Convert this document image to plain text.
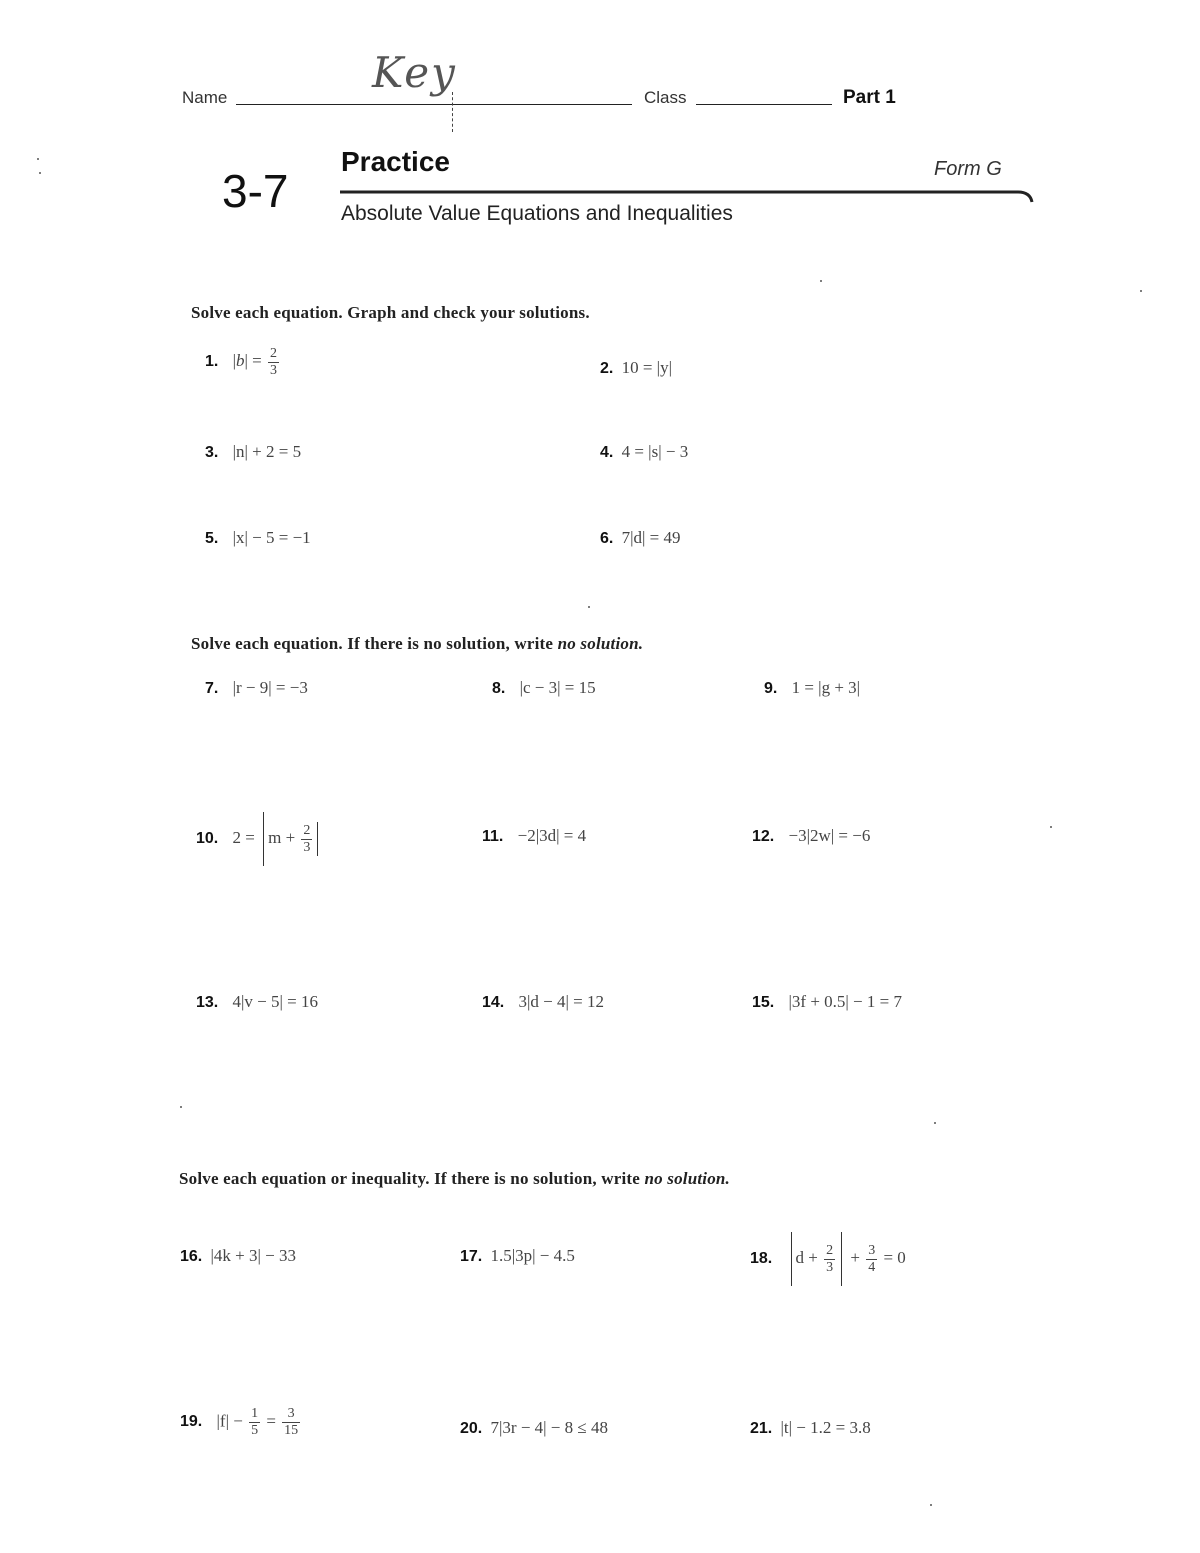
Name
Key
Class	Part 1
3-7
Practice	Form G
Absolute Value Equations and Inequalities
Solve each equation. Graph and check your solutions.
1. $|b| = \frac{2}{3}$	2. 10 = |y|
3. |n| + 2 = 5	4. 4 = |s| − 3
5. |x| − 5 = −1	6. 7|d| = 49
Solve each equation. If there is no solution, write no solution.
7. |r − 9| = −3	8. |c − 3| = 15	9. 1 = |g + 3|
10. $2 = m + \frac{2}{3}$	11. −2|3d| = 4	12. −3|2w| = −6
13. 4|v − 5| = 16	14. 3|d − 4| = 12	15. |3f + 0.5| − 1 = 7
Solve each equation or inequality. If there is no solution, write no solution.
16. |4k + 3| − 33	17. 1.5|3p| − 4.5	18. $d + \frac{2}{3} + \frac{3}{4} = 0$
19. $|f| - \frac{1}{5} = \frac{3}{15}$	20. 7|3r − 4| − 8 ≤ 48	21. |t| − 1.2 = 3.8
